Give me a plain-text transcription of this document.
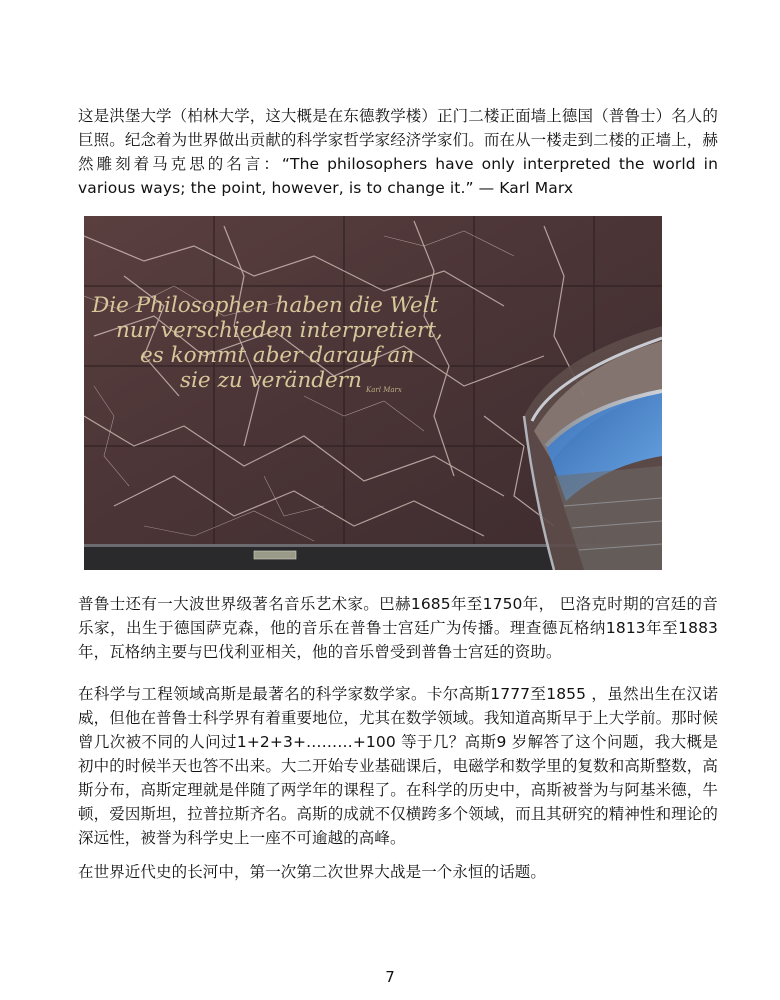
这是洪堡大学（柏林大学，这大概是在东德教学楼）正门二楼正面墙上德国（普鲁士）名人的巨照。纪念着为世界做出贡献的科学家哲学家经济学家们。而在从一楼走到二楼的正墙上，赫然雕刻着马克思的名言：“The philosophers have only interpreted the world in various ways; the point, however, is to change it.” — Karl Marx

Die Philosophen haben die Welt
nur verschieden interpretiert,
es kommt aber darauf an
sie zu verändern Karl Marx

普鲁士还有一大波世界级著名音乐艺术家。巴赫1685年至1750年， 巴洛克时期的宫廷的音乐家，出生于德国萨克森，他的音乐在普鲁士宫廷广为传播。理查德瓦格纳1813年至1883年，瓦格纳主要与巴伐利亚相关，他的音乐曾受到普鲁士宫廷的资助。

在科学与工程领域高斯是最著名的科学家数学家。卡尔高斯1777至1855 ，虽然出生在汉诺威，但他在普鲁士科学界有着重要地位，尤其在数学领域。我知道高斯早于上大学前。那时候曾几次被不同的人问过1+2+3+………+100 等于几？高斯9 岁解答了这个问题，我大概是初中的时候半天也答不出来。大二开始专业基础课后，电磁学和数学里的复数和高斯整数，高斯分布，高斯定理就是伴随了两学年的课程了。在科学的历史中，高斯被誉为与阿基米德，牛顿，爱因斯坦，拉普拉斯齐名。高斯的成就不仅横跨多个领域，而且其研究的精神性和理论的深远性，被誉为科学史上一座不可逾越的高峰。

在世界近代史的长河中，第一次第二次世界大战是一个永恒的话题。

7
